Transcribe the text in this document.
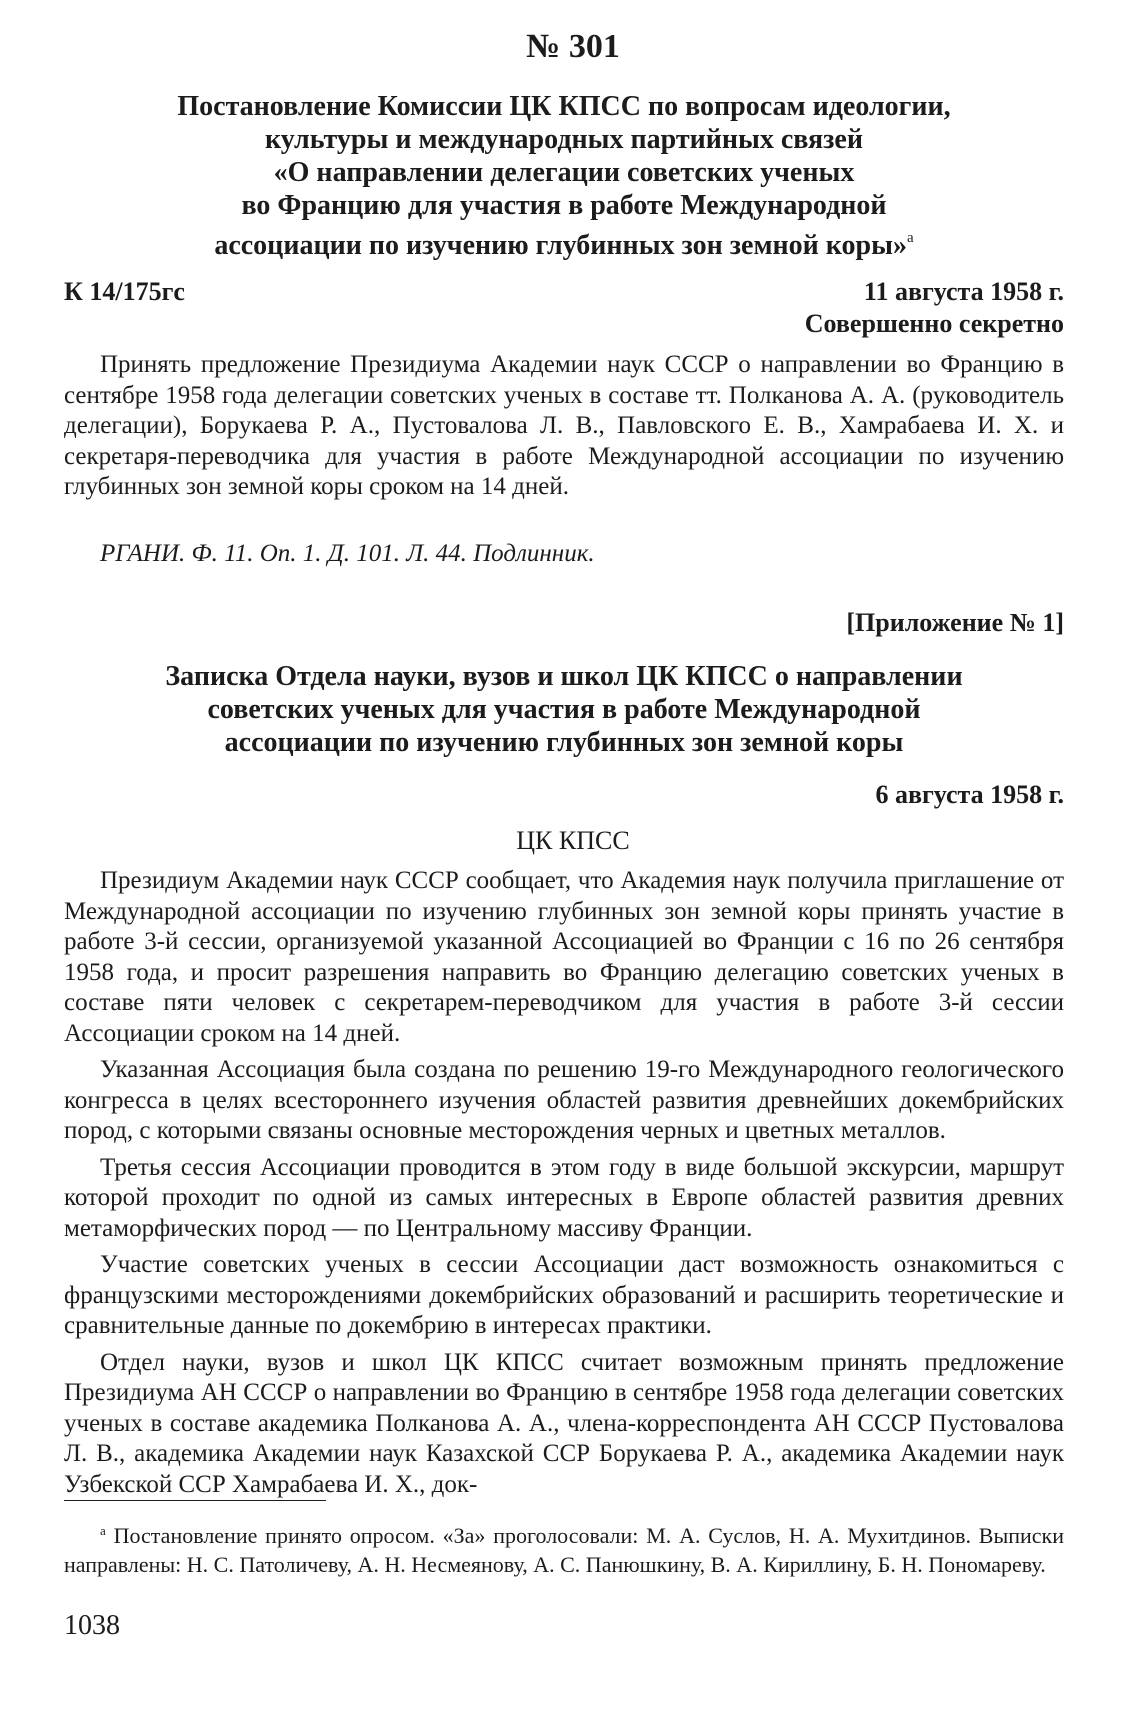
№ 301
Постановление Комиссии ЦК КПСС по вопросам идеологии,
культуры и международных партийных связей
«О направлении делегации советских ученых
во Францию для участия в работе Международной
ассоциации по изучению глубинных зон земной коры»$^а$
К 14/175гс	11 августа 1958 г.
Совершенно секретно

Принять предложение Президиума Академии наук СССР о направлении во Францию в сентябре 1958 года делегации советских ученых в составе тт. Полканова А. А. (руководитель делегации), Борукаева Р. А., Пустовалова Л. В., Павловского Е. В., Хамрабаева И. Х. и секретаря-переводчика для участия в работе Международной ассоциации по изучению глубинных зон земной коры сроком на 14 дней.

РГАНИ. Ф. 11. Оп. 1. Д. 101. Л. 44. Подлинник.
[Приложение № 1]
Записка Отдела науки, вузов и школ ЦК КПСС о направлении
советских ученых для участия в работе Международной
ассоциации по изучению глубинных зон земной коры
6 августа 1958 г.
ЦК КПСС

Президиум Академии наук СССР сообщает, что Академия наук получила приглашение от Международной ассоциации по изучению глубинных зон земной коры принять участие в работе 3-й сессии, организуемой указанной Ассоциацией во Франции с 16 по 26 сентября 1958 года, и просит разрешения направить во Францию делегацию советских ученых в составе пяти человек с секретарем-переводчиком для участия в работе 3-й сессии Ассоциации сроком на 14 дней.

Указанная Ассоциация была создана по решению 19-го Международного геологического конгресса в целях всестороннего изучения областей развития древнейших докембрийских пород, с которыми связаны основные месторождения черных и цветных металлов.

Третья сессия Ассоциации проводится в этом году в виде большой экскурсии, маршрут которой проходит по одной из самых интересных в Европе областей развития древних метаморфических пород — по Центральному массиву Франции.

Участие советских ученых в сессии Ассоциации даст возможность ознакомиться с французскими месторождениями докембрийских образований и расширить теоретические и сравнительные данные по докембрию в интересах практики.

Отдел науки, вузов и школ ЦК КПСС считает возможным принять предложение Президиума АН СССР о направлении во Францию в сентябре 1958 года делегации советских ученых в составе академика Полканова А. А., члена-корреспондента АН СССР Пустовалова Л. В., академика Академии наук Казахской ССР Борукаева Р. А., академика Академии наук Узбекской ССР Хамрабаева И. Х., док-

$^а$ Постановление принято опросом. «За» проголосовали: М. А. Суслов, Н. А. Мухитдинов. Выписки направлены: Н. С. Патоличеву, А. Н. Несмеянову, А. С. Панюшкину, В. А. Кириллину, Б. Н. Пономареву.
1038
